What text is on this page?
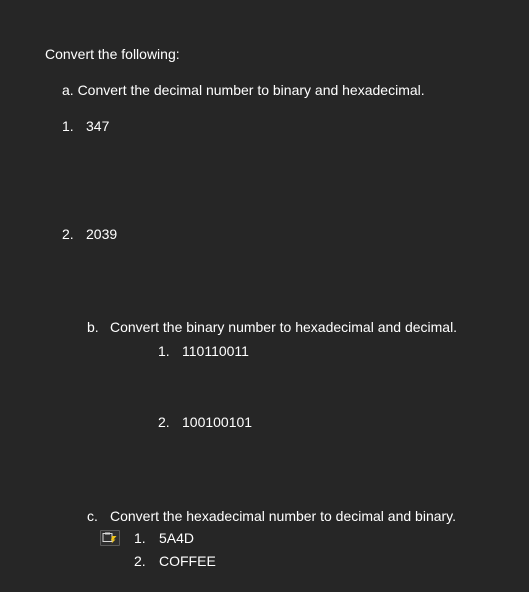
Convert the following:
a. Convert the decimal number to binary and hexadecimal.
1. 347
2. 2039
b. Convert the binary number to hexadecimal and decimal.
1. 110110011
2. 100100101
c. Convert the hexadecimal number to decimal and binary.
1. 5A4D
2. COFFEE
